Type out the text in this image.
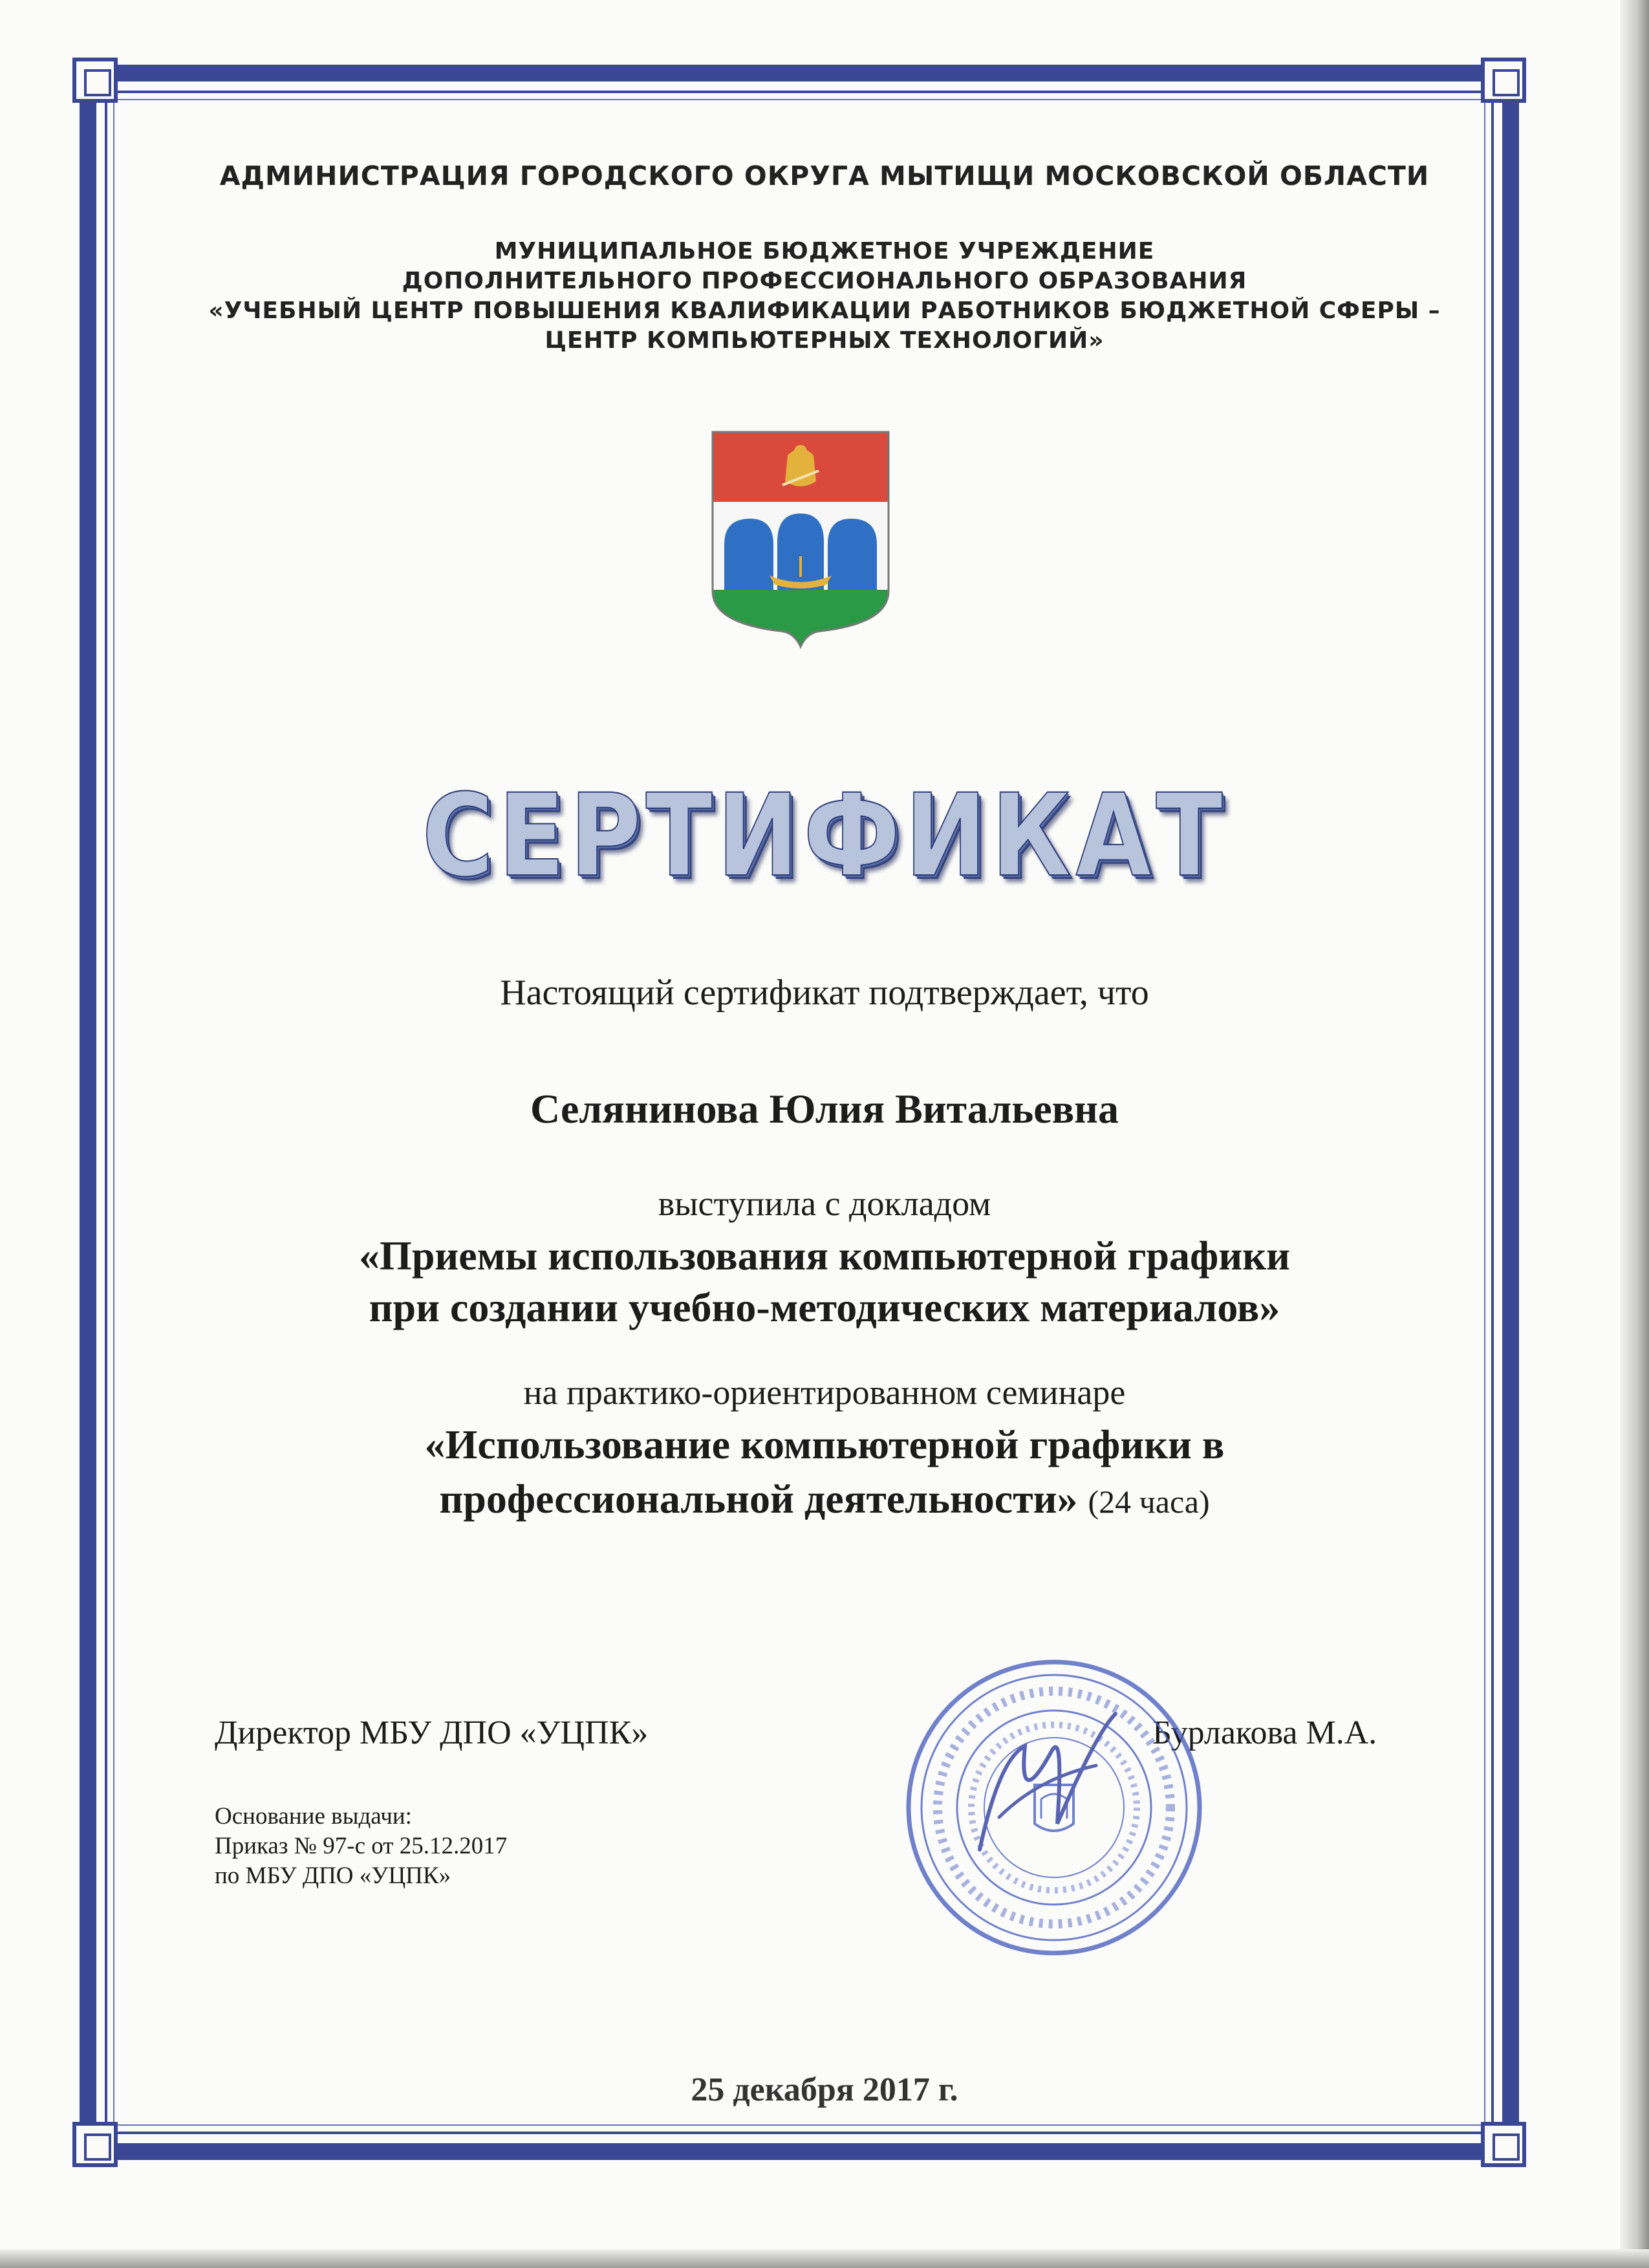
АДМИНИСТРАЦИЯ ГОРОДСКОГО ОКРУГА МЫТИЩИ МОСКОВСКОЙ ОБЛАСТИ

МУНИЦИПАЛЬНОЕ БЮДЖЕТНОЕ УЧРЕЖДЕНИЕ

ДОПОЛНИТЕЛЬНОГО ПРОФЕССИОНАЛЬНОГО ОБРАЗОВАНИЯ

«УЧЕБНЫЙ ЦЕНТР ПОВЫШЕНИЯ КВАЛИФИКАЦИИ РАБОТНИКОВ БЮДЖЕТНОЙ СФЕРЫ –

ЦЕНТР КОМПЬЮТЕРНЫХ ТЕХНОЛОГИЙ»

СЕРТИФИКАТ

Настоящий сертификат подтверждает, что

Селянинова Юлия Витальевна

выступила с докладом

«Приемы использования компьютерной графики

при создании учебно-методических материалов»

на практико-ориентированном семинаре

«Использование компьютерной графики в

профессиональной деятельности» (24 часа)

Директор МБУ ДПО «УЦПК»	Бурлакова М.А.
Основание выдачи:
Приказ № 97-с от 25.12.2017
по МБУ ДПО «УЦПК»

25 декабря 2017 г.
